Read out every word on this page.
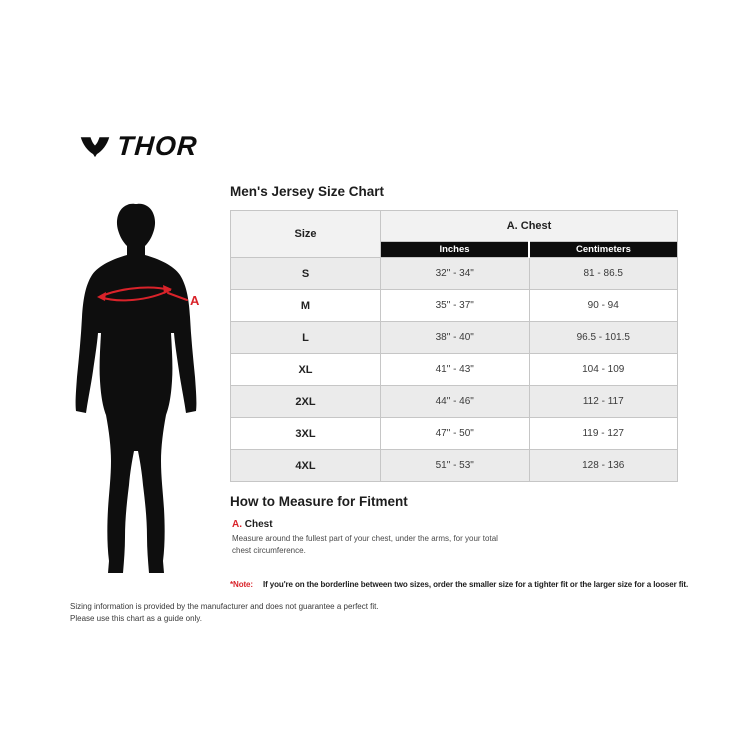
THOR
Men's Jersey Size Chart
A
Size	A. Chest	
	Inches	Centimeters
S	32" - 34"	81 - 86.5
M	35" - 37"	90 - 94
L	38" - 40"	96.5 - 101.5
XL	41" - 43"	104 - 109
2XL	44" - 46"	112 - 117
3XL	47" - 50"	119 - 127
4XL	51" - 53"	128 - 136
How to Measure for Fitment
A. Chest
Measure around the fullest part of your chest, under the arms, for your total chest circumference.
*Note: If you're on the borderline between two sizes, order the smaller size for a tighter fit or the larger size for a looser fit.
Sizing information is provided by the manufacturer and does not guarantee a perfect fit.
Please use this chart as a guide only.
